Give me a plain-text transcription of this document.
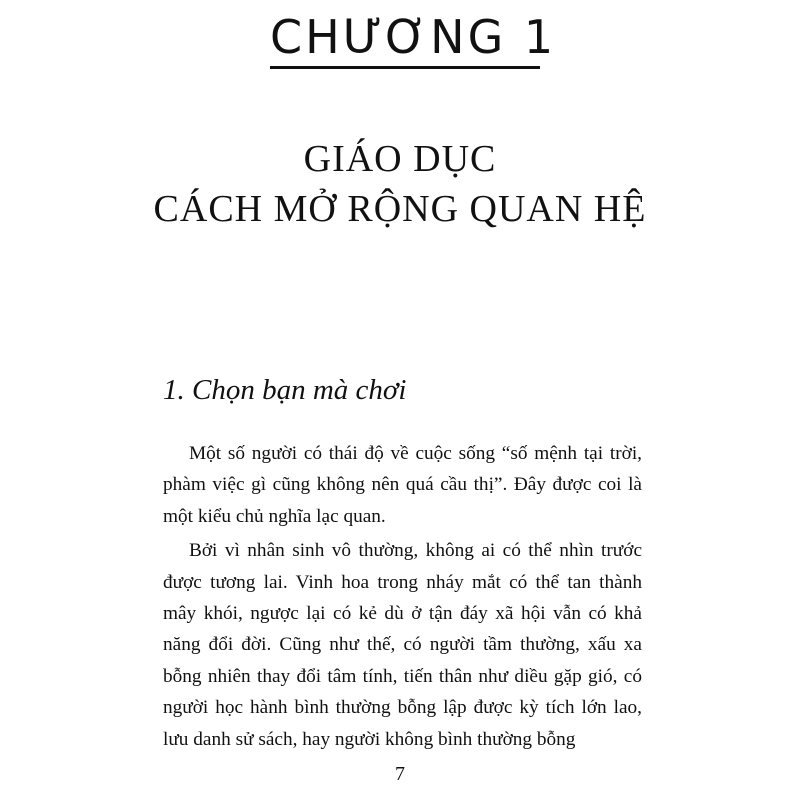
CHƯƠNG 1
GIÁO DỤC
CÁCH MỞ RỘNG QUAN HỆ
1. Chọn bạn mà chơi

Một số người có thái độ về cuộc sống “số mệnh tại trời, phàm việc gì cũng không nên quá cầu thị”. Đây được coi là một kiểu chủ nghĩa lạc quan.

Bởi vì nhân sinh vô thường, không ai có thể nhìn trước được tương lai. Vinh hoa trong nháy mắt có thể tan thành mây khói, ngược lại có kẻ dù ở tận đáy xã hội vẫn có khả năng đổi đời. Cũng như thế, có người tầm thường, xấu xa bỗng nhiên thay đổi tâm tính, tiến thân như diều gặp gió, có người học hành bình thường bỗng lập được kỳ tích lớn lao, lưu danh sử sách, hay người không bình thường bỗng

7
